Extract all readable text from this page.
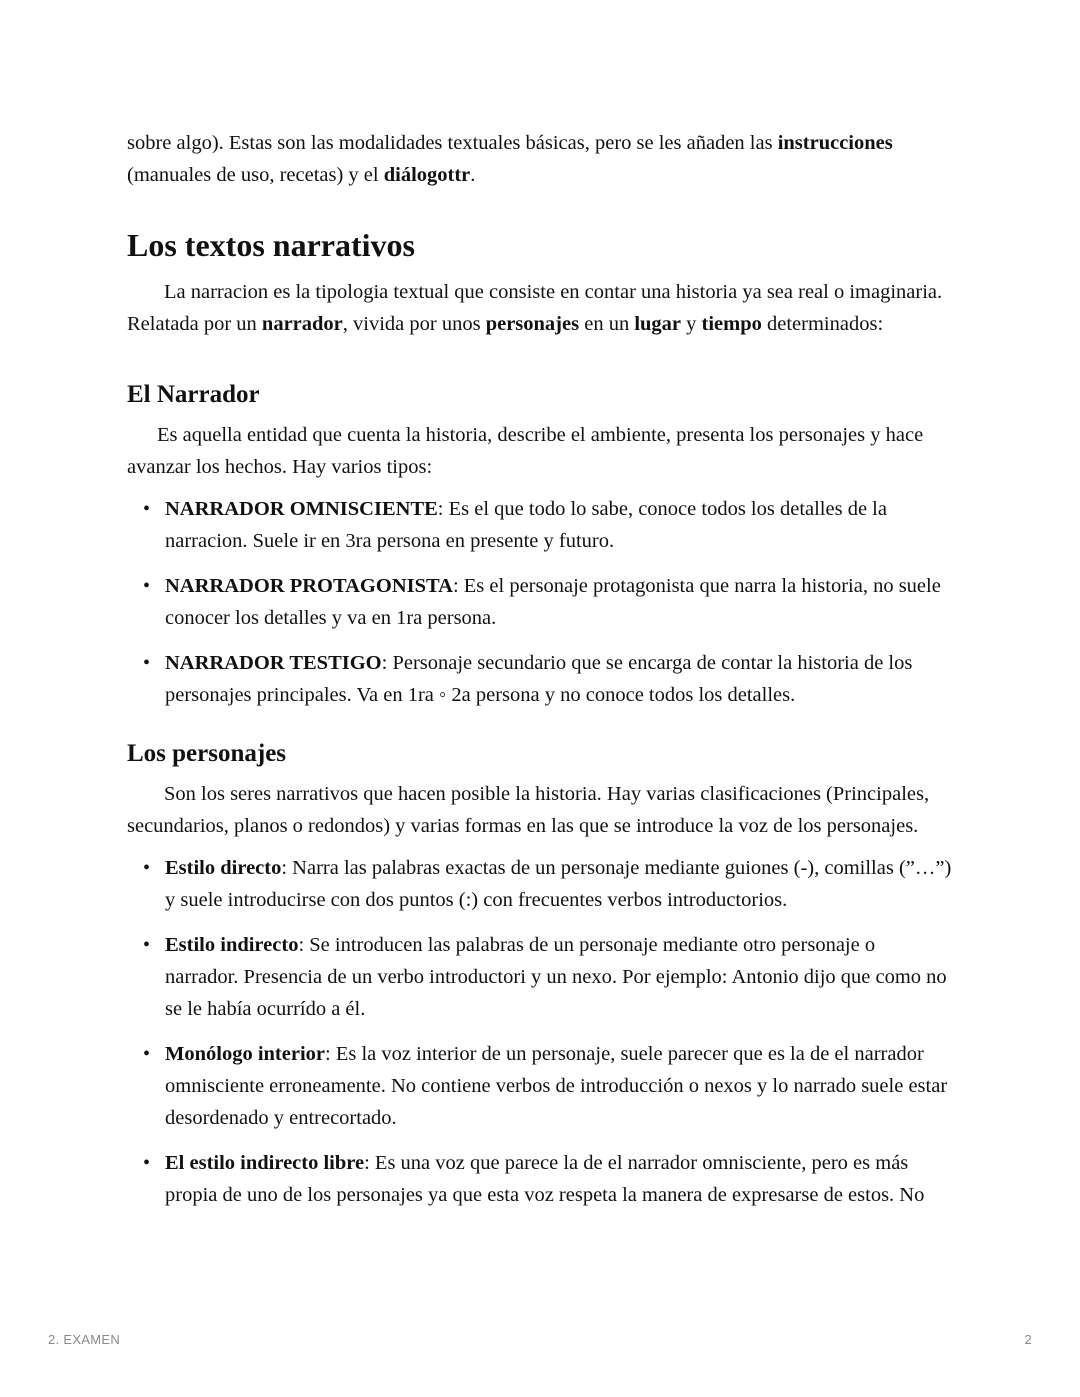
sobre algo). Estas son las modalidades textuales básicas, pero se les añaden las instrucciones (manuales de uso, recetas) y el diálogottr.

Los textos narrativos

La narracion es la tipologia textual que consiste en contar una historia ya sea real o imaginaria. Relatada por un narrador, vivida por unos personajes en un lugar y tiempo determinados:

El Narrador

Es aquella entidad que cuenta la historia, describe el ambiente, presenta los personajes y hace avanzar los hechos. Hay varios tipos:

• NARRADOR OMNISCIENTE: Es el que todo lo sabe, conoce todos los detalles de la narracion. Suele ir en 3ra persona en presente y futuro.
• NARRADOR PROTAGONISTA: Es el personaje protagonista que narra la historia, no suele conocer los detalles y va en 1ra persona.
• NARRADOR TESTIGO: Personaje secundario que se encarga de contar la historia de los personajes principales. Va en 1ra ◦ 2a persona y no conoce todos los detalles.
Los personajes

Son los seres narrativos que hacen posible la historia. Hay varias clasificaciones (Principales, secundarios, planos o redondos) y varias formas en las que se introduce la voz de los personajes.

• Estilo directo: Narra las palabras exactas de un personaje mediante guiones (-), comillas (”…”) y suele introducirse con dos puntos (:) con frecuentes verbos introductorios.
• Estilo indirecto: Se introducen las palabras de un personaje mediante otro personaje o narrador. Presencia de un verbo introductori y un nexo. Por ejemplo: Antonio dijo que como no se le había ocurrído a él.
• Monólogo interior: Es la voz interior de un personaje, suele parecer que es la de el narrador omnisciente erroneamente. No contiene verbos de introducción o nexos y lo narrado suele estar desordenado y entrecortado.
• El estilo indirecto libre: Es una voz que parece la de el narrador omnisciente, pero es más propia de uno de los personajes ya que esta voz respeta la manera de expresarse de estos. No
2. EXAMEN	2
